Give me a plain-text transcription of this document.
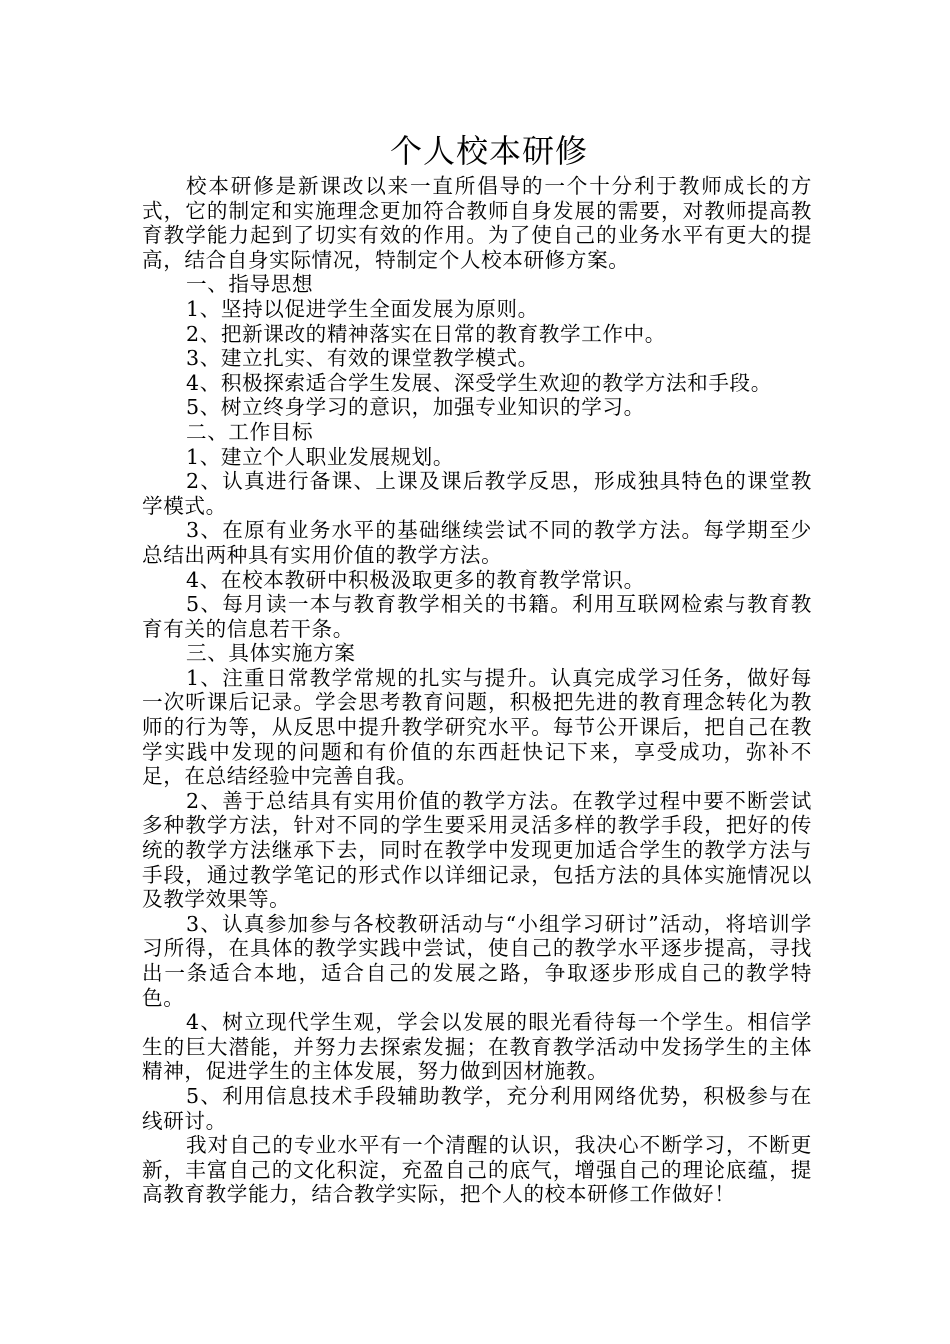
个人校本研修

校本研修是新课改以来一直所倡导的一个十分利于教师成长的方式，它的制定和实施理念更加符合教师自身发展的需要，对教师提高教育教学能力起到了切实有效的作用。为了使自己的业务水平有更大的提高，结合自身实际情况，特制定个人校本研修方案。

一、指导思想

1、坚持以促进学生全面发展为原则。

2、把新课改的精神落实在日常的教育教学工作中。

3、建立扎实、有效的课堂教学模式。

4、积极探索适合学生发展、深受学生欢迎的教学方法和手段。

5、树立终身学习的意识，加强专业知识的学习。

二、工作目标

1、建立个人职业发展规划。

2、认真进行备课、上课及课后教学反思，形成独具特色的课堂教学模式。

3、在原有业务水平的基础继续尝试不同的教学方法。每学期至少总结出两种具有实用价值的教学方法。

4、在校本教研中积极汲取更多的教育教学常识。

5、每月读一本与教育教学相关的书籍。利用互联网检索与教育教育有关的信息若干条。

三、具体实施方案

1、注重日常教学常规的扎实与提升。认真完成学习任务，做好每一次听课后记录。学会思考教育问题，积极把先进的教育理念转化为教师的行为等，从反思中提升教学研究水平。每节公开课后，把自己在教学实践中发现的问题和有价值的东西赶快记下来，享受成功，弥补不足，在总结经验中完善自我。

2、善于总结具有实用价值的教学方法。在教学过程中要不断尝试多种教学方法，针对不同的学生要采用灵活多样的教学手段，把好的传统的教学方法继承下去，同时在教学中发现更加适合学生的教学方法与手段，通过教学笔记的形式作以详细记录，包括方法的具体实施情况以及教学效果等。

3、认真参加参与各校教研活动与“小组学习研讨”活动，将培训学习所得，在具体的教学实践中尝试，使自己的教学水平逐步提高，寻找出一条适合本地，适合自己的发展之路，争取逐步形成自己的教学特色。

4、树立现代学生观，学会以发展的眼光看待每一个学生。相信学生的巨大潜能，并努力去探索发掘；在教育教学活动中发扬学生的主体精神，促进学生的主体发展，努力做到因材施教。

5、利用信息技术手段辅助教学，充分利用网络优势，积极参与在线研讨。

我对自己的专业水平有一个清醒的认识，我决心不断学习，不断更新，丰富自己的文化积淀，充盈自己的底气，增强自己的理论底蕴，提高教育教学能力，结合教学实际，把个人的校本研修工作做好！
